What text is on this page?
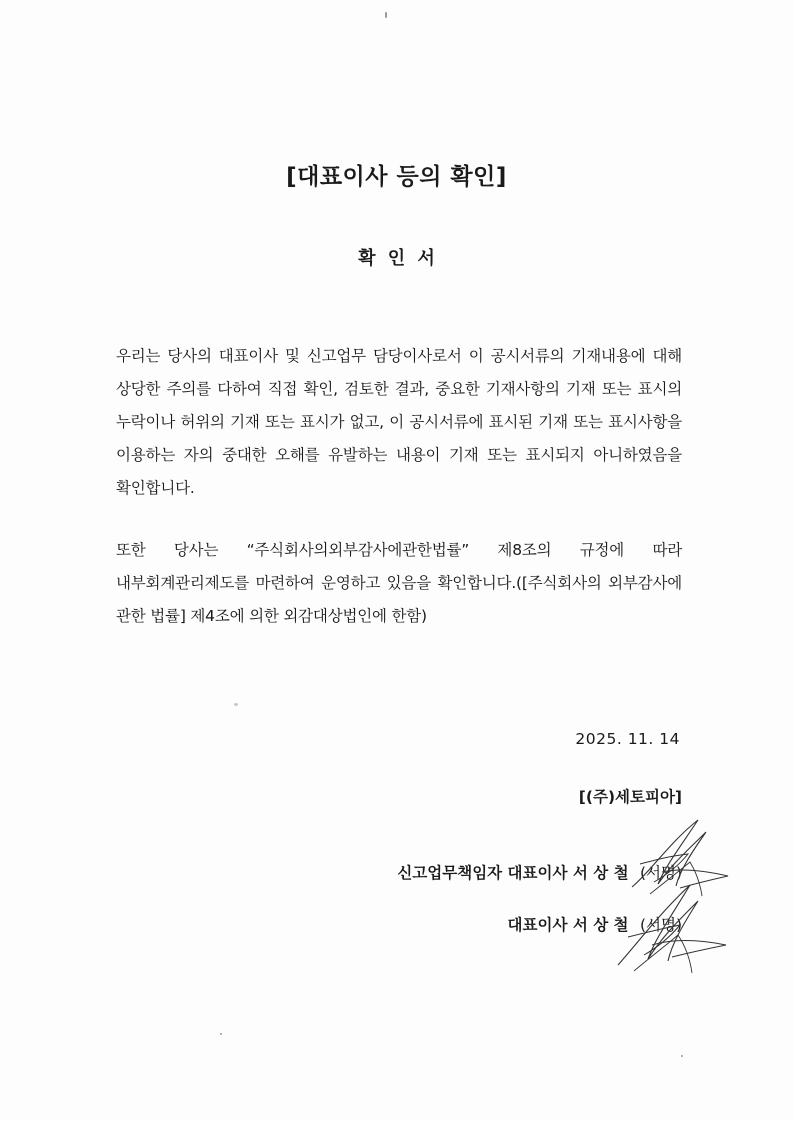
[대표이사 등의 확인]
확 인 서
우리는 당사의 대표이사 및 신고업무 담당이사로서 이 공시서류의 기재내용에 대해 상당한 주의를 다하여 직접 확인, 검토한 결과, 중요한 기재사항의 기재 또는 표시의 누락이나 허위의 기재 또는 표시가 없고, 이 공시서류에 표시된 기재 또는 표시사항을 이용하는 자의 중대한 오해를 유발하는 내용이 기재 또는 표시되지 아니하였음을 확인합니다.
또한 당사는 “주식회사의외부감사에관한법률” 제8조의 규정에 따라 내부회계관리제도를 마련하여 운영하고 있음을 확인합니다.([주식회사의 외부감사에 관한 법률] 제4조에 의한 외감대상법인에 한함)
2025. 11. 14
[(주)세토피아]
신고업무책임자 대표이사 서 상 철 (서명)
대표이사 서 상 철 (서명)
